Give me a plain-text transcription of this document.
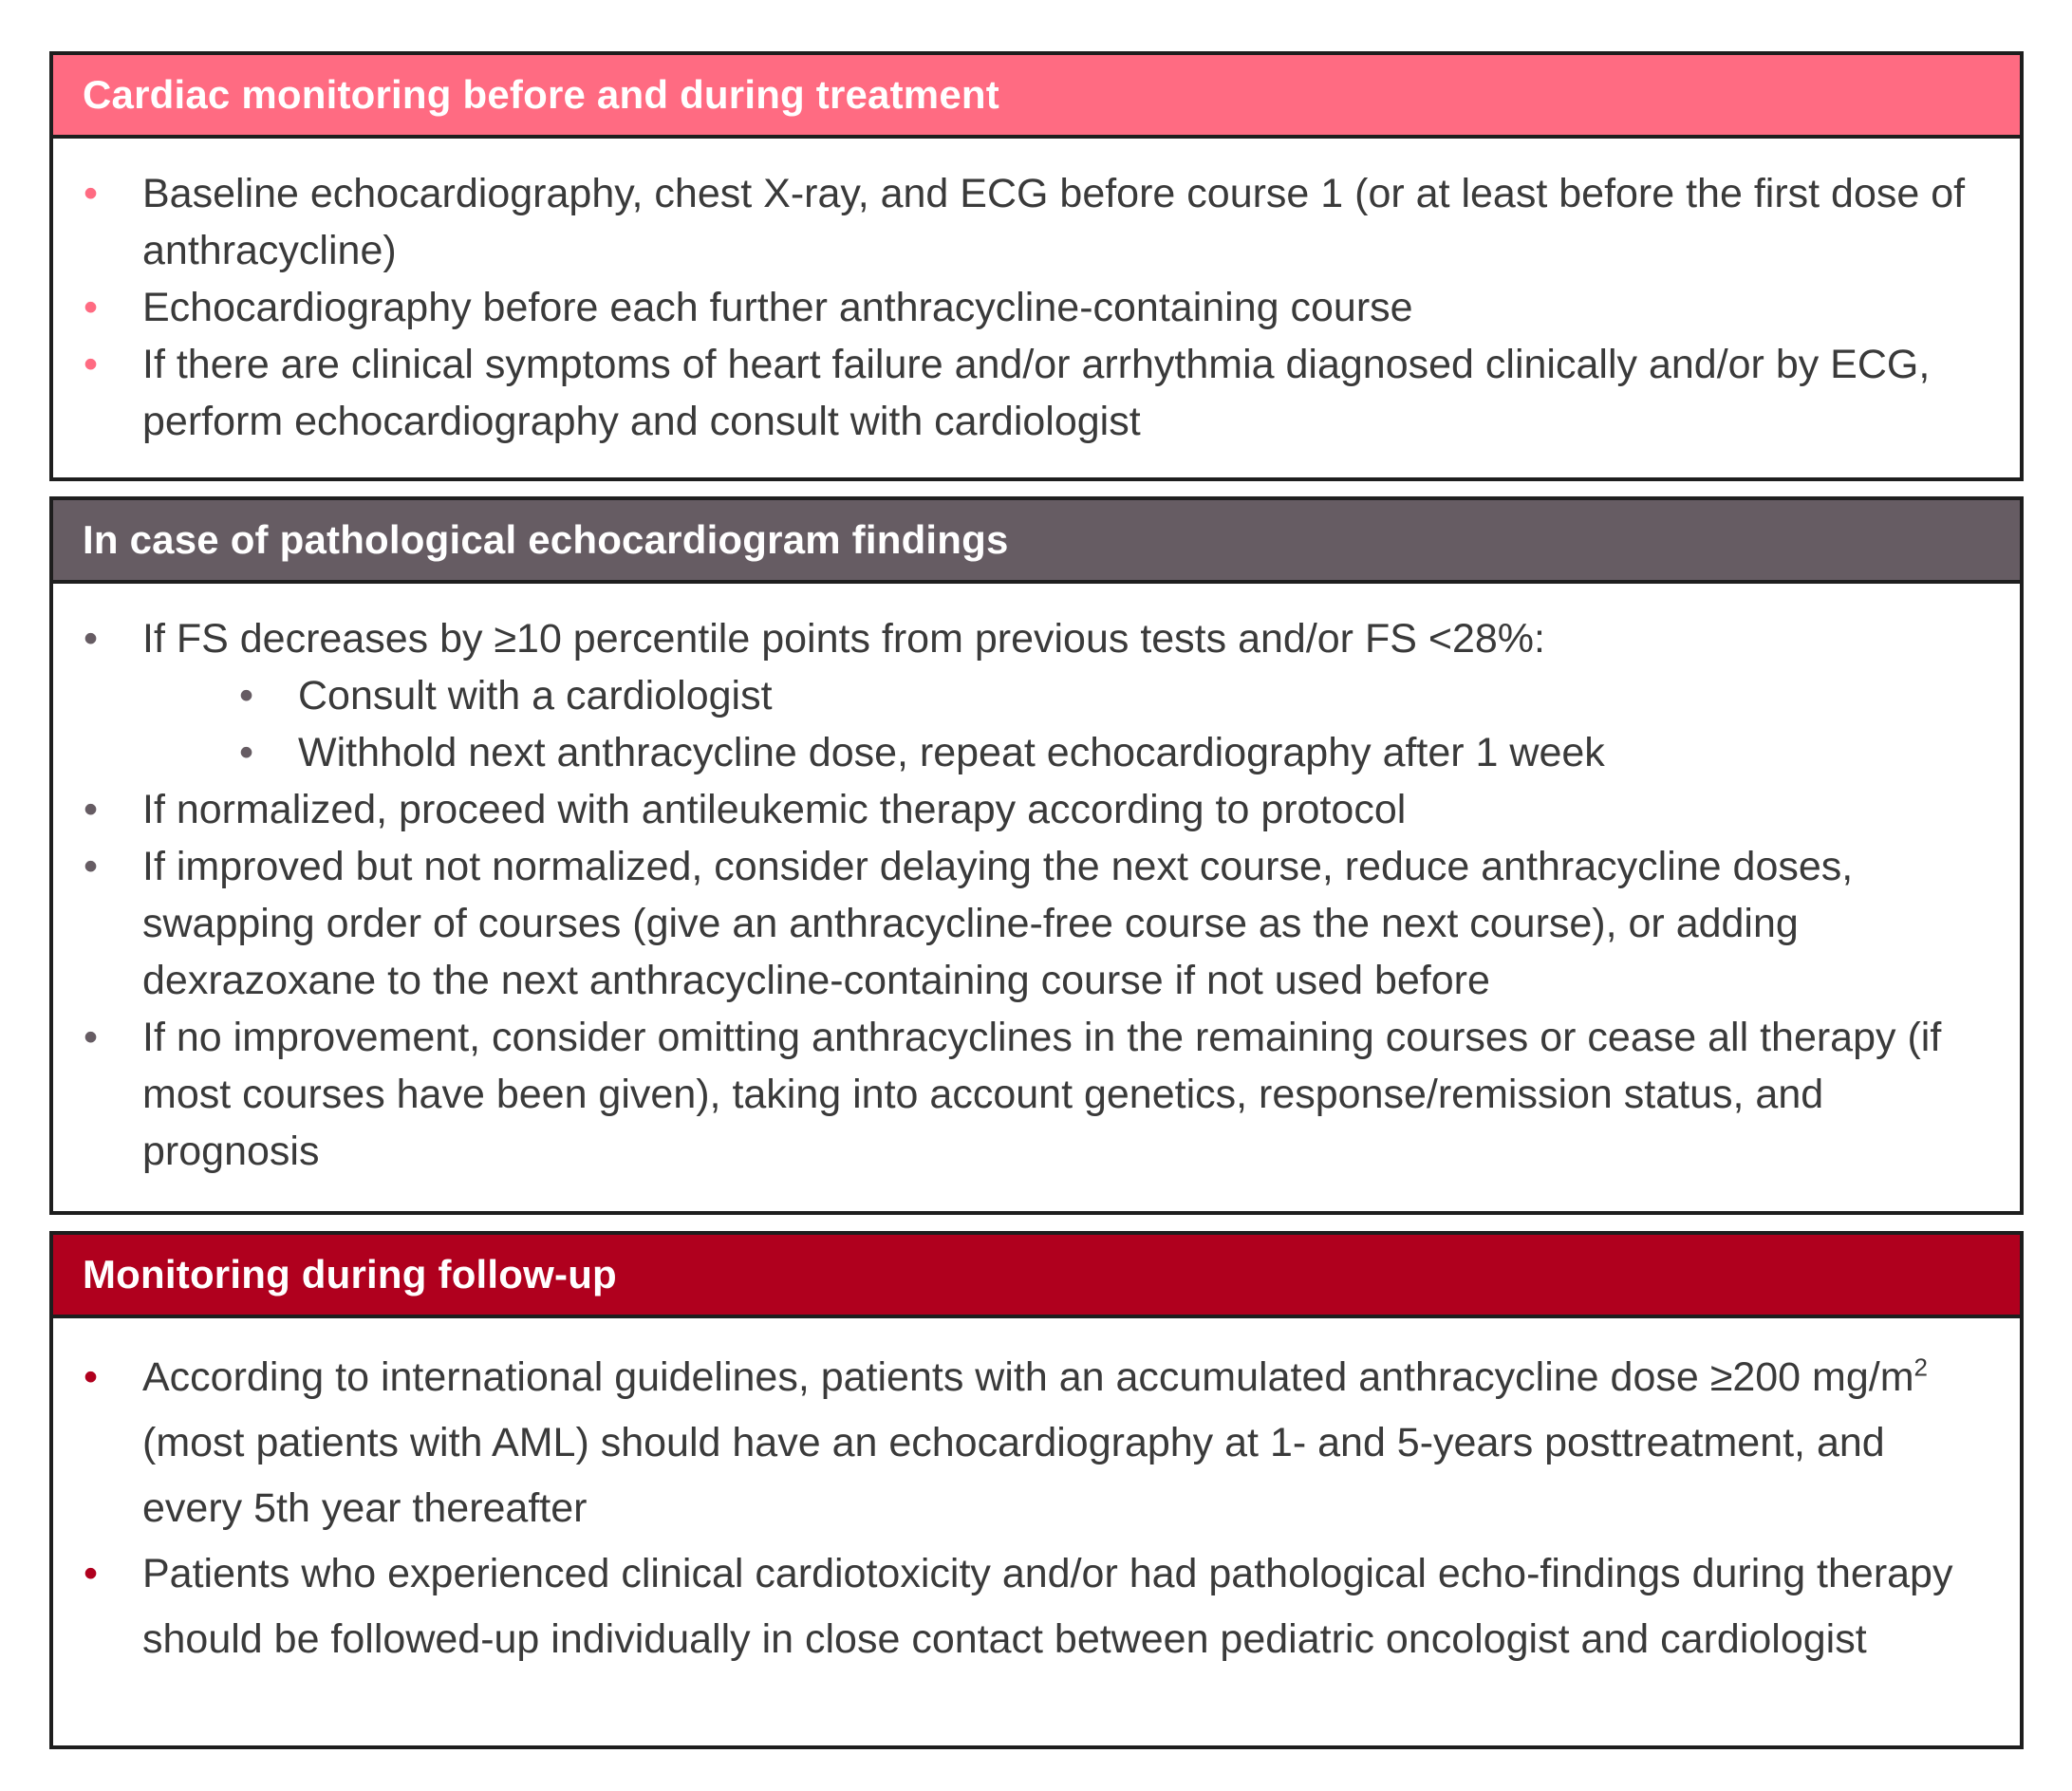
Cardiac monitoring before and during treatment
• Baseline echocardiography, chest X-ray, and ECG before course 1 (or at least before the first dose of anthracycline)
• Echocardiography before each further anthracycline-containing course
• If there are clinical symptoms of heart failure and/or arrhythmia diagnosed clinically and/or by ECG, perform echocardiography and consult with cardiologist
In case of pathological echocardiogram findings
• If FS decreases by ≥10 percentile points from previous tests and/or FS <28%:
• Consult with a cardiologist
• Withhold next anthracycline dose, repeat echocardiography after 1 week
• If normalized, proceed with antileukemic therapy according to protocol
• If improved but not normalized, consider delaying the next course, reduce anthracycline doses, swapping order of courses (give an anthracycline-free course as the next course), or adding dexrazoxane to the next anthracycline-containing course if not used before
• If no improvement, consider omitting anthracyclines in the remaining courses or cease all therapy (if most courses have been given), taking into account genetics, response/remission status, and prognosis
Monitoring during follow-up
• According to international guidelines, patients with an accumulated anthracycline dose ≥200 $mg/m^2$ (most patients with AML) should have an echocardiography at 1- and 5-years posttreatment, and every 5th year thereafter
• Patients who experienced clinical cardiotoxicity and/or had pathological echo-findings during therapy should be followed-up individually in close contact between pediatric oncologist and cardiologist
